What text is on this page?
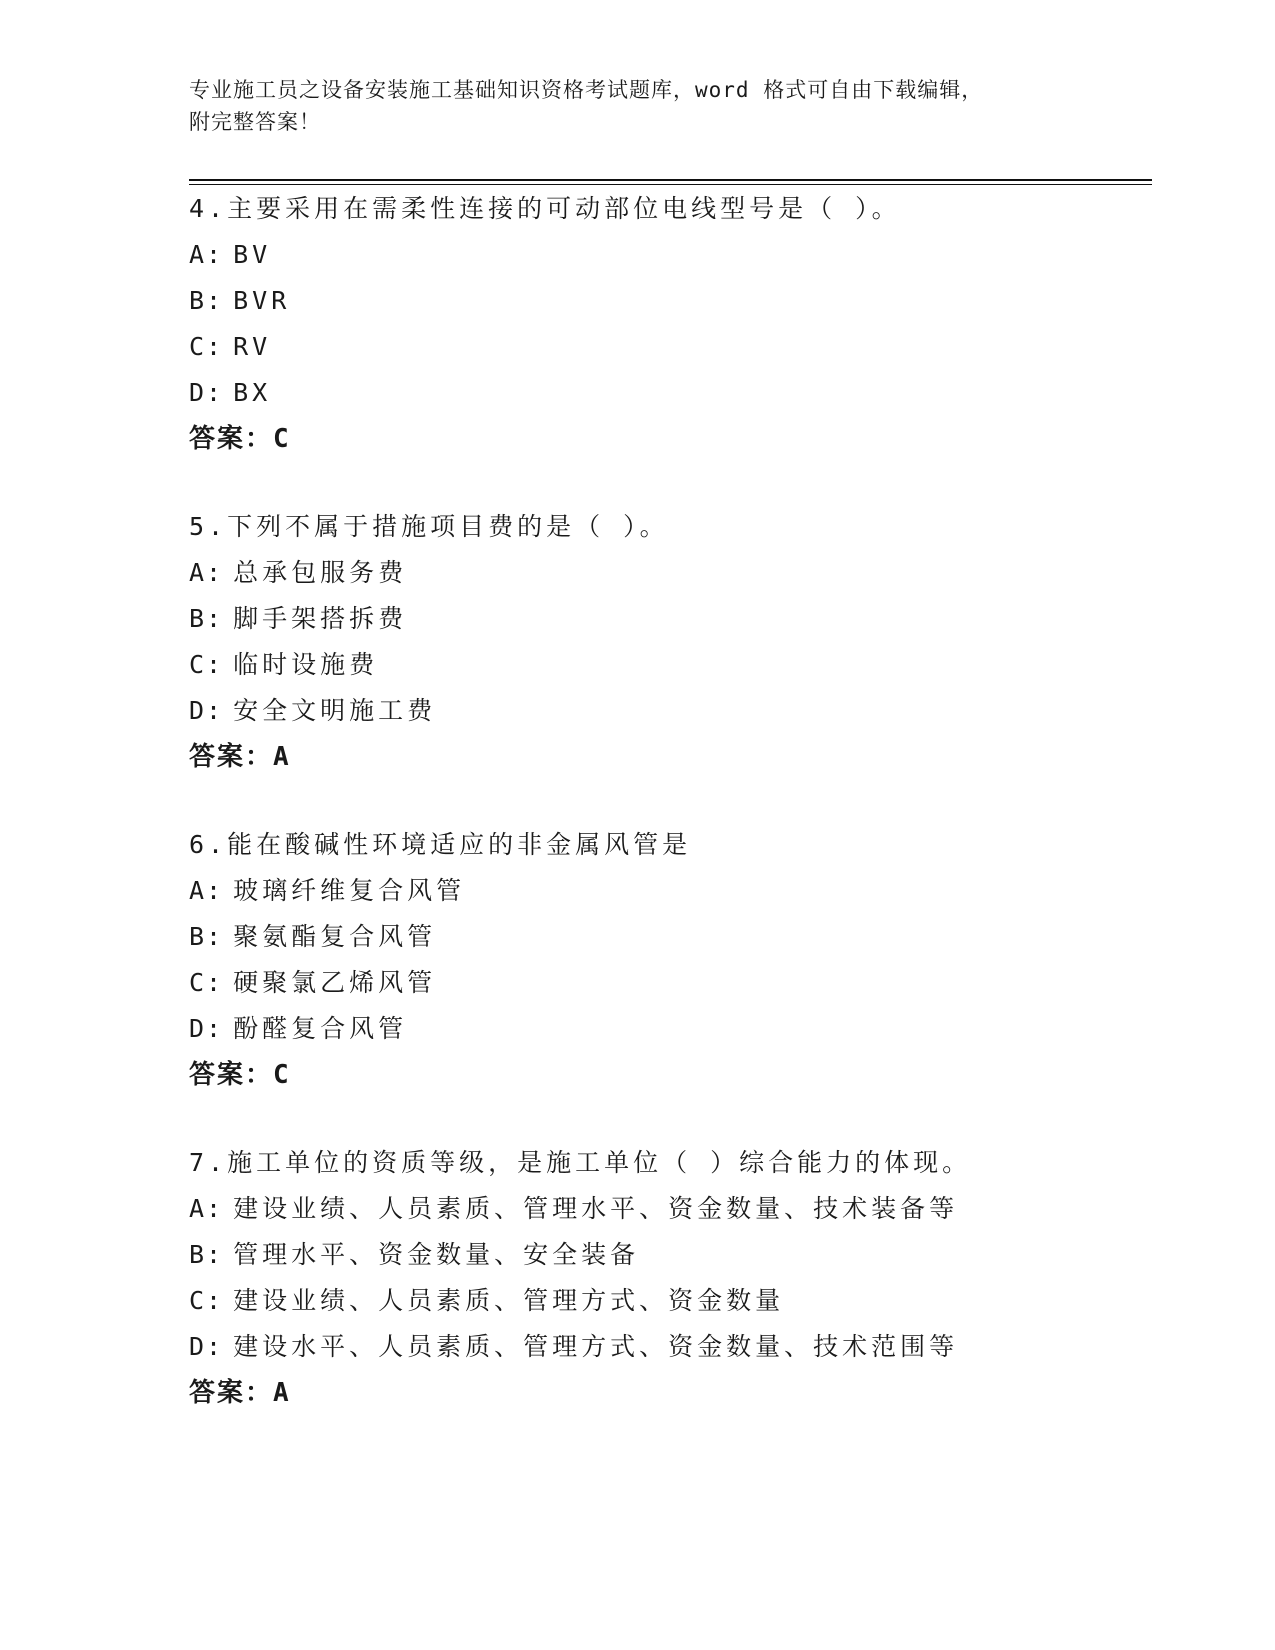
专业施工员之设备安装施工基础知识资格考试题库，word 格式可自由下载编辑，
附完整答案！
4.主要采用在需柔性连接的可动部位电线型号是（ ）。
A: BV
B: BVR
C: RV
D: BX
答案：C
5.下列不属于措施项目费的是（ ）。
A: 总承包服务费
B: 脚手架搭拆费
C: 临时设施费
D: 安全文明施工费
答案：A
6.能在酸碱性环境适应的非金属风管是
A: 玻璃纤维复合风管
B: 聚氨酯复合风管
C: 硬聚氯乙烯风管
D: 酚醛复合风管
答案：C
7.施工单位的资质等级，是施工单位（ ）综合能力的体现。
A: 建设业绩、人员素质、管理水平、资金数量、技术装备等
B: 管理水平、资金数量、安全装备
C: 建设业绩、人员素质、管理方式、资金数量
D: 建设水平、人员素质、管理方式、资金数量、技术范围等
答案：A
